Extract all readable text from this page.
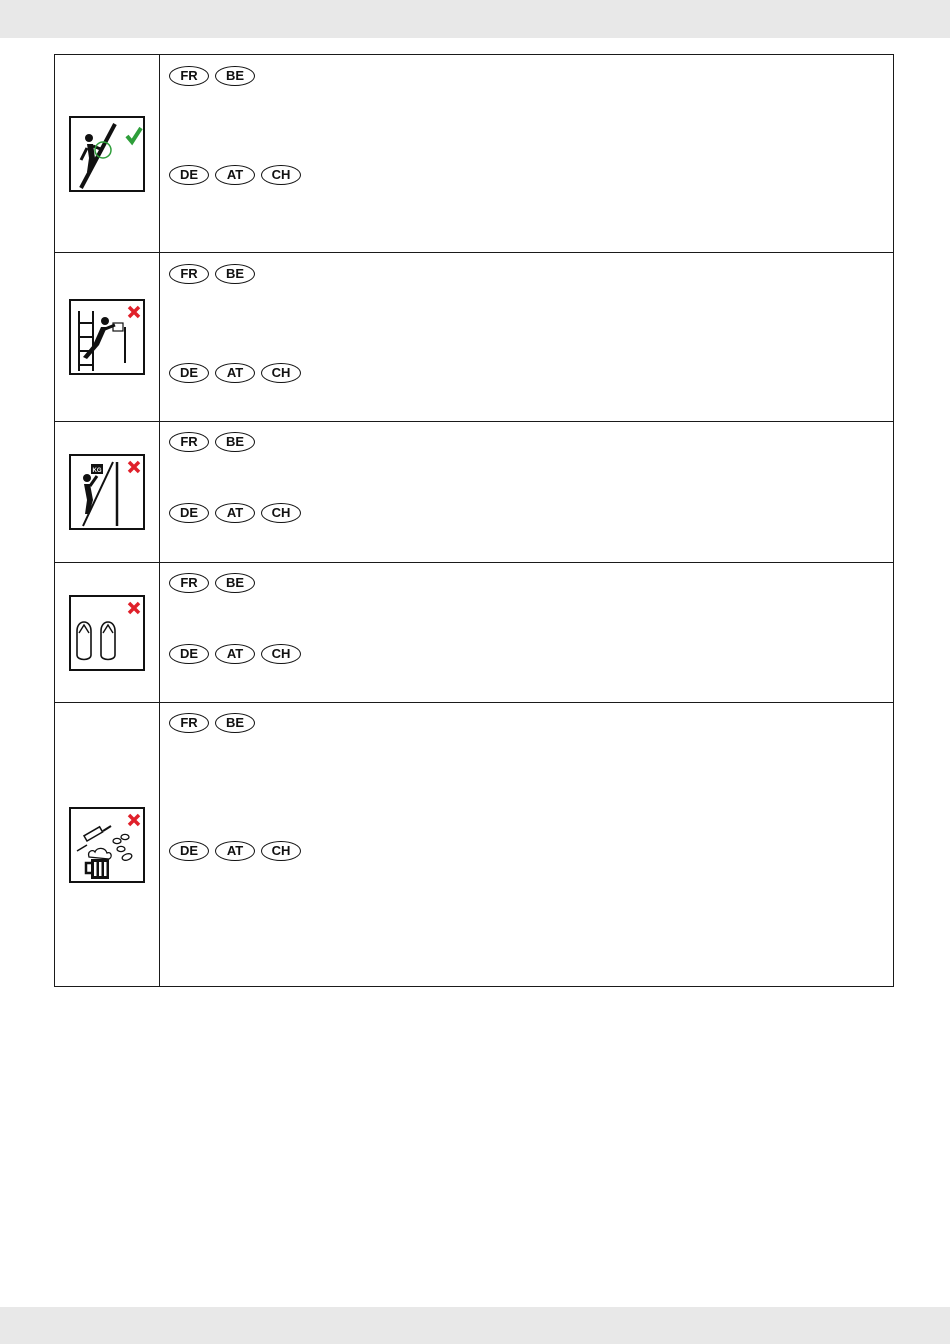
FR	BE
DE	AT	CH
FR	BE
DE	AT	CH
KG
FR	BE
DE	AT	CH
FR	BE
DE	AT	CH
FR	BE
DE	AT	CH
